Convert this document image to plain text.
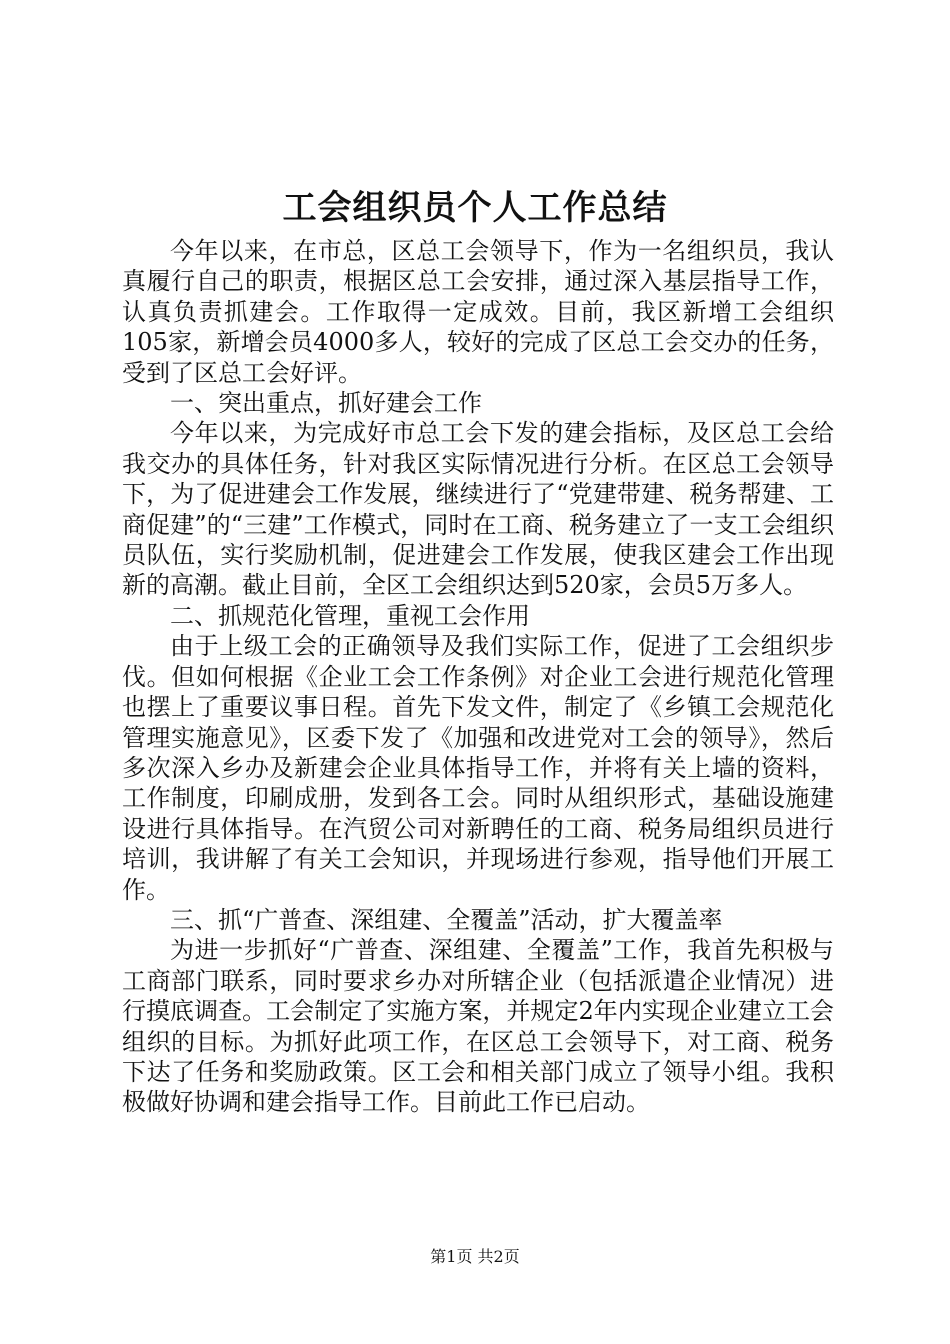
工会组织员个人工作总结

今年以来，在市总，区总工会领导下，作为一名组织员，我认真履行自己的职责，根据区总工会安排，通过深入基层指导工作，认真负责抓建会。工作取得一定成效。目前，我区新增工会组织105家，新增会员4000多人，较好的完成了区总工会交办的任务，受到了区总工会好评。

一、突出重点，抓好建会工作

今年以来，为完成好市总工会下发的建会指标，及区总工会给我交办的具体任务，针对我区实际情况进行分析。在区总工会领导下，为了促进建会工作发展，继续进行了“党建带建、税务帮建、工商促建”的“三建”工作模式，同时在工商、税务建立了一支工会组织员队伍，实行奖励机制，促进建会工作发展，使我区建会工作出现新的高潮。截止目前，全区工会组织达到520家，会员5万多人。

二、抓规范化管理，重视工会作用

由于上级工会的正确领导及我们实际工作，促进了工会组织步伐。但如何根据《企业工会工作条例》对企业工会进行规范化管理也摆上了重要议事日程。首先下发文件，制定了《乡镇工会规范化管理实施意见》，区委下发了《加强和改进党对工会的领导》，然后多次深入乡办及新建会企业具体指导工作，并将有关上墙的资料，工作制度，印刷成册，发到各工会。同时从组织形式，基础设施建设进行具体指导。在汽贸公司对新聘任的工商、税务局组织员进行培训，我讲解了有关工会知识，并现场进行参观，指导他们开展工作。

三、抓“广普查、深组建、全覆盖”活动，扩大覆盖率

为进一步抓好“广普查、深组建、全覆盖”工作，我首先积极与工商部门联系，同时要求乡办对所辖企业（包括派遣企业情况）进行摸底调查。工会制定了实施方案，并规定2年内实现企业建立工会组织的目标。为抓好此项工作，在区总工会领导下，对工商、税务下达了任务和奖励政策。区工会和相关部门成立了领导小组。我积极做好协调和建会指导工作。目前此工作已启动。

第1页 共2页
